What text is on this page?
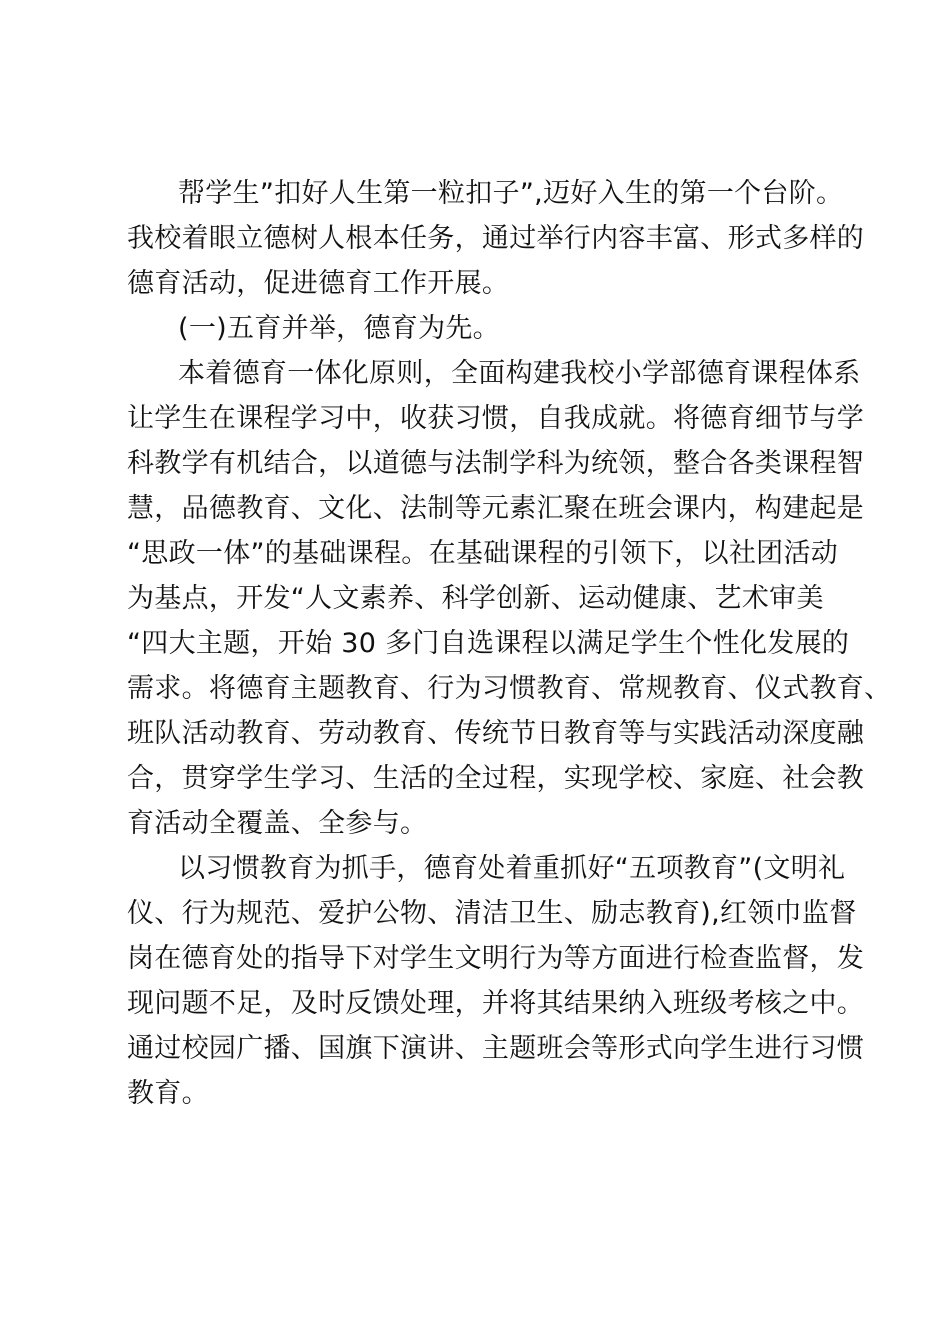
帮学生”扣好人生第一粒扣子”,迈好入生的第一个台阶。
我校着眼立德树人根本任务，通过举行内容丰富、形式多样的
德育活动，促进德育工作开展。
(一)五育并举，德育为先。
本着德育一体化原则，全面构建我校小学部德育课程体系
让学生在课程学习中，收获习惯，自我成就。将德育细节与学
科教学有机结合，以道德与法制学科为统领，整合各类课程智
慧，品德教育、文化、法制等元素汇聚在班会课内，构建起是
“思政一体”的基础课程。在基础课程的引领下，以社团活动
为基点，开发“人文素养、科学创新、运动健康、艺术审美
“四大主题，开始 30 多门自选课程以满足学生个性化发展的
需求。将德育主题教育、行为习惯教育、常规教育、仪式教育、
班队活动教育、劳动教育、传统节日教育等与实践活动深度融
合，贯穿学生学习、生活的全过程，实现学校、家庭、社会教
育活动全覆盖、全参与。
以习惯教育为抓手，德育处着重抓好“五项教育”(文明礼
仪、行为规范、爱护公物、清洁卫生、励志教育),红领巾监督
岗在德育处的指导下对学生文明行为等方面进行检查监督，发
现问题不足，及时反馈处理，并将其结果纳入班级考核之中。
通过校园广播、国旗下演讲、主题班会等形式向学生进行习惯
教育。
